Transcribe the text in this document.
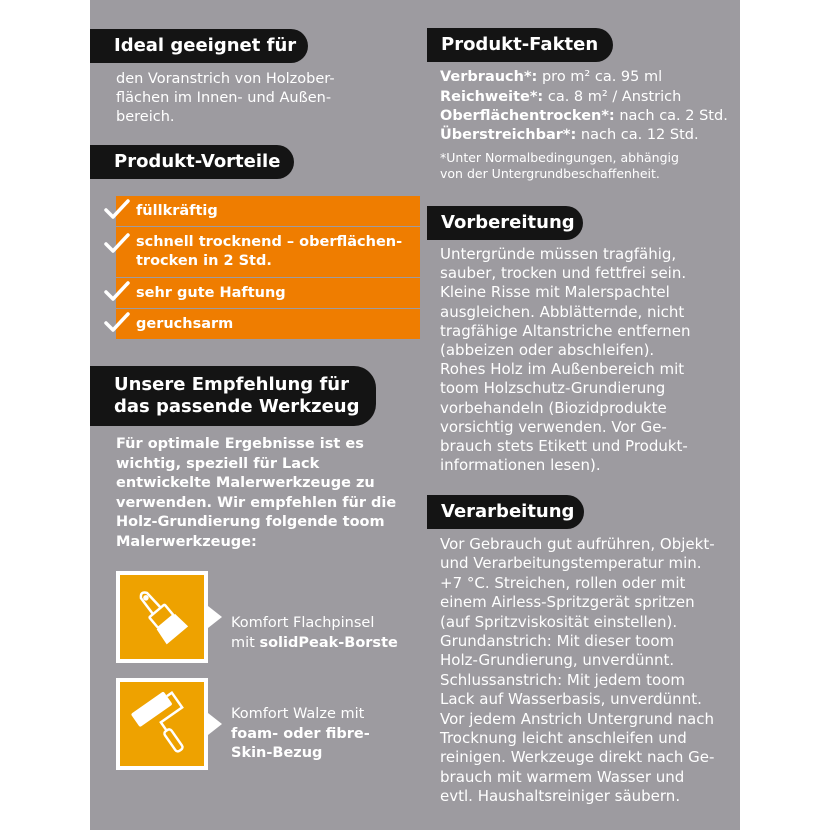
Ideal geeignet für

den Voranstrich von Holzober-
flächen im Innen- und Außen-
bereich.

Produkt-Vorteile
füllkräftig
schnell trocknend – oberflächen-
trocken in 2 Std.
sehr gute Haftung
geruchsarm
Unsere Empfehlung für
das passende Werkzeug

Für optimale Ergebnisse ist es
wichtig, speziell für Lack
entwickelte Malerwerkzeuge zu
verwenden. Wir empfehlen für die
Holz-Grundierung folgende toom
Malerwerkzeuge:

Komfort Flachpinsel
mit solidPeak-Borste
Komfort Walze mit
foam- oder fibre-
Skin-Bezug
Produkt-Fakten
Verbrauch*: pro m² ca. 95 ml
Reichweite*: ca. 8 m² / Anstrich
Oberflächentrocken*: nach ca. 2 Std.
Überstreichbar*: nach ca. 12 Std.
*Unter Normalbedingungen, abhängig
von der Untergrundbeschaffenheit.
Vorbereitung

Untergründe müssen tragfähig,
sauber, trocken und fettfrei sein.
Kleine Risse mit Malerspachtel
ausgleichen. Abblätternde, nicht
tragfähige Altanstriche entfernen
(abbeizen oder abschleifen).
Rohes Holz im Außenbereich mit
toom Holzschutz-Grundierung
vorbehandeln (Biozidprodukte
vorsichtig verwenden. Vor Ge-
brauch stets Etikett und Produkt-
informationen lesen).

Verarbeitung

Vor Gebrauch gut aufrühren, Objekt-
und Verarbeitungstemperatur min.
+7 °C. Streichen, rollen oder mit
einem Airless-Spritzgerät spritzen
(auf Spritzviskosität einstellen).
Grundanstrich: Mit dieser toom
Holz-Grundierung, unverdünnt.
Schlussanstrich: Mit jedem toom
Lack auf Wasserbasis, unverdünnt.
Vor jedem Anstrich Untergrund nach
Trocknung leicht anschleifen und
reinigen. Werkzeuge direkt nach Ge-
brauch mit warmem Wasser und
evtl. Haushaltsreiniger säubern.
